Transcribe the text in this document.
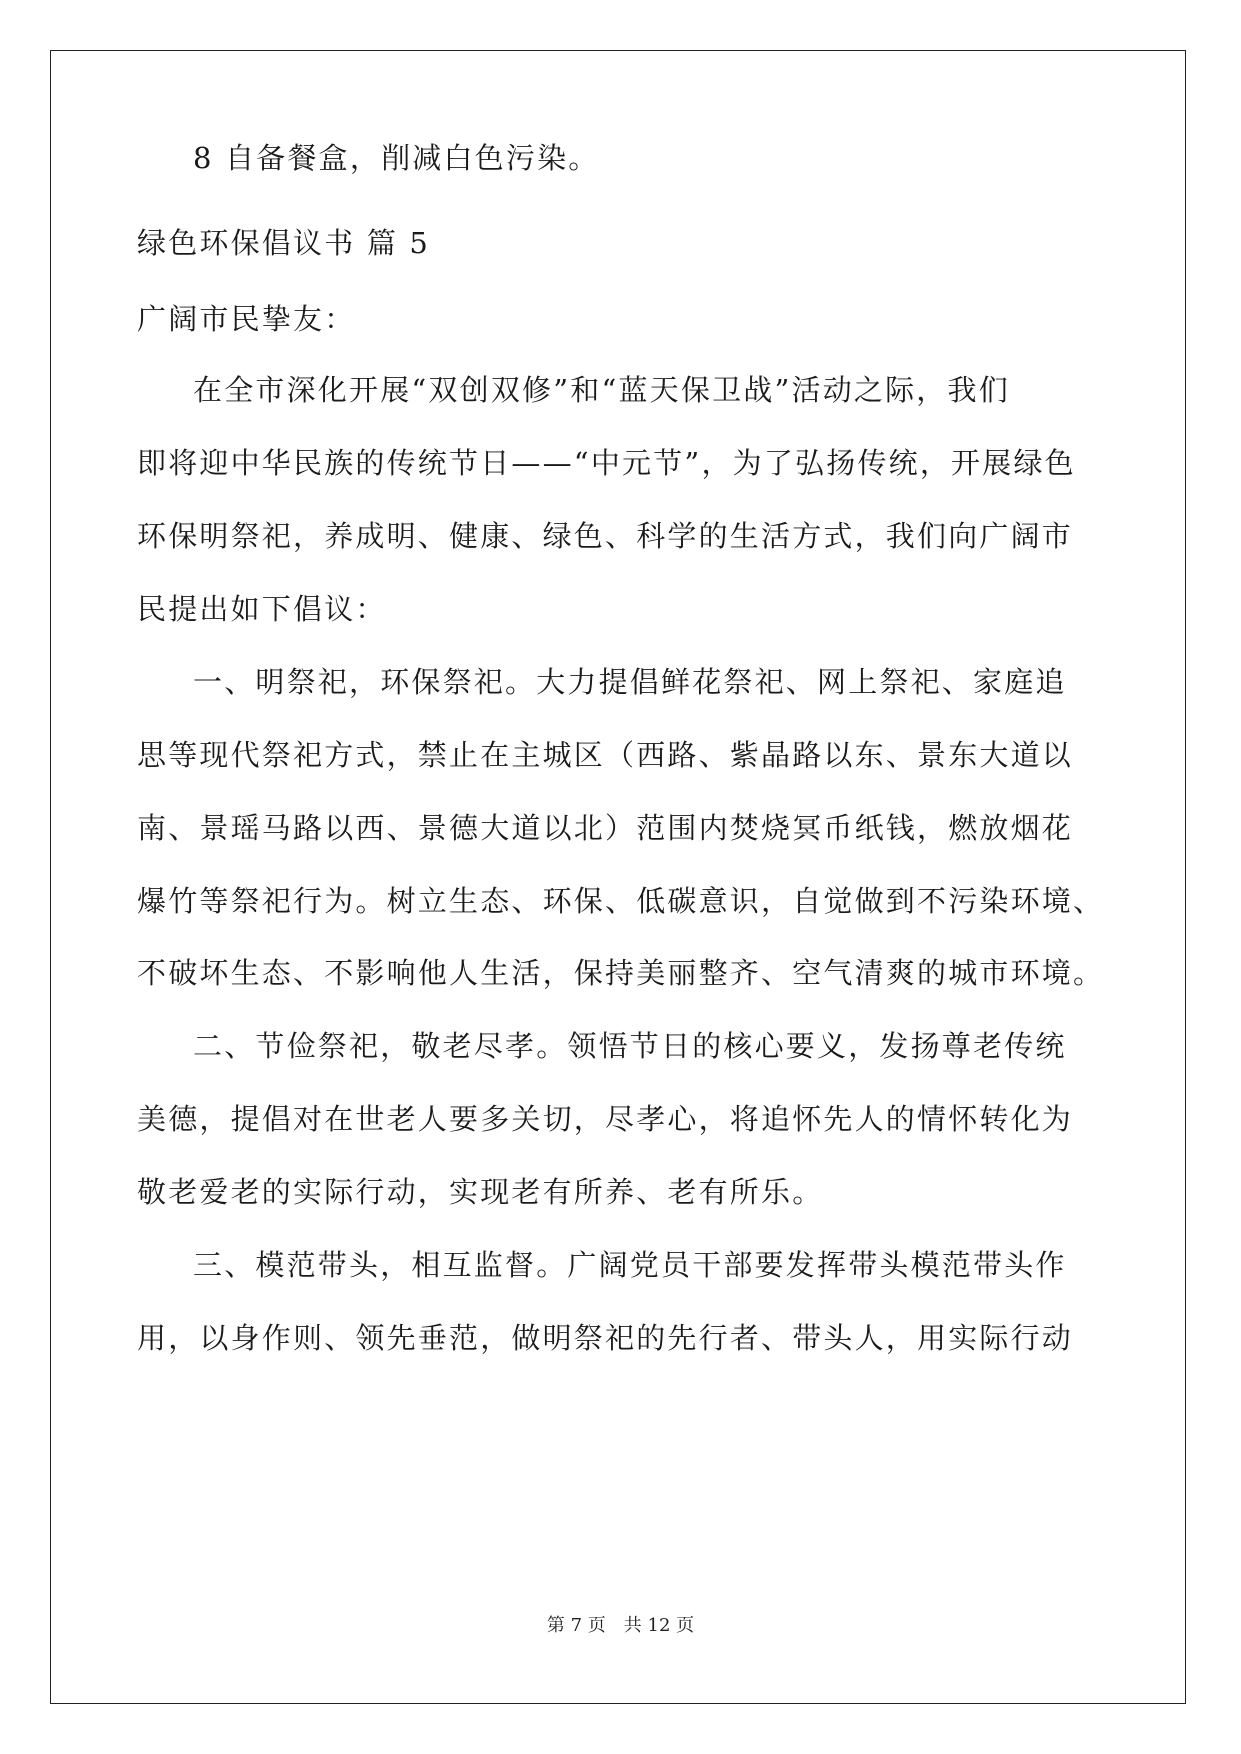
8 自备餐盒，削减白色污染。

绿色环保倡议书 篇 5

广阔市民挚友：

在全市深化开展“双创双修”和“蓝天保卫战”活动之际，我们

即将迎中华民族的传统节日——“中元节”，为了弘扬传统，开展绿色

环保明祭祀，养成明、健康、绿色、科学的生活方式，我们向广阔市

民提出如下倡议：

一、明祭祀，环保祭祀。大力提倡鲜花祭祀、网上祭祀、家庭追

思等现代祭祀方式，禁止在主城区（西路、紫晶路以东、景东大道以

南、景瑶马路以西、景德大道以北）范围内焚烧冥币纸钱，燃放烟花

爆竹等祭祀行为。树立生态、环保、低碳意识，自觉做到不污染环境、

不破坏生态、不影响他人生活，保持美丽整齐、空气清爽的城市环境。

二、节俭祭祀，敬老尽孝。领悟节日的核心要义，发扬尊老传统

美德，提倡对在世老人要多关切，尽孝心，将追怀先人的情怀转化为

敬老爱老的实际行动，实现老有所养、老有所乐。

三、模范带头，相互监督。广阔党员干部要发挥带头模范带头作

用，以身作则、领先垂范，做明祭祀的先行者、带头人，用实际行动

第 7 页　共 12 页
